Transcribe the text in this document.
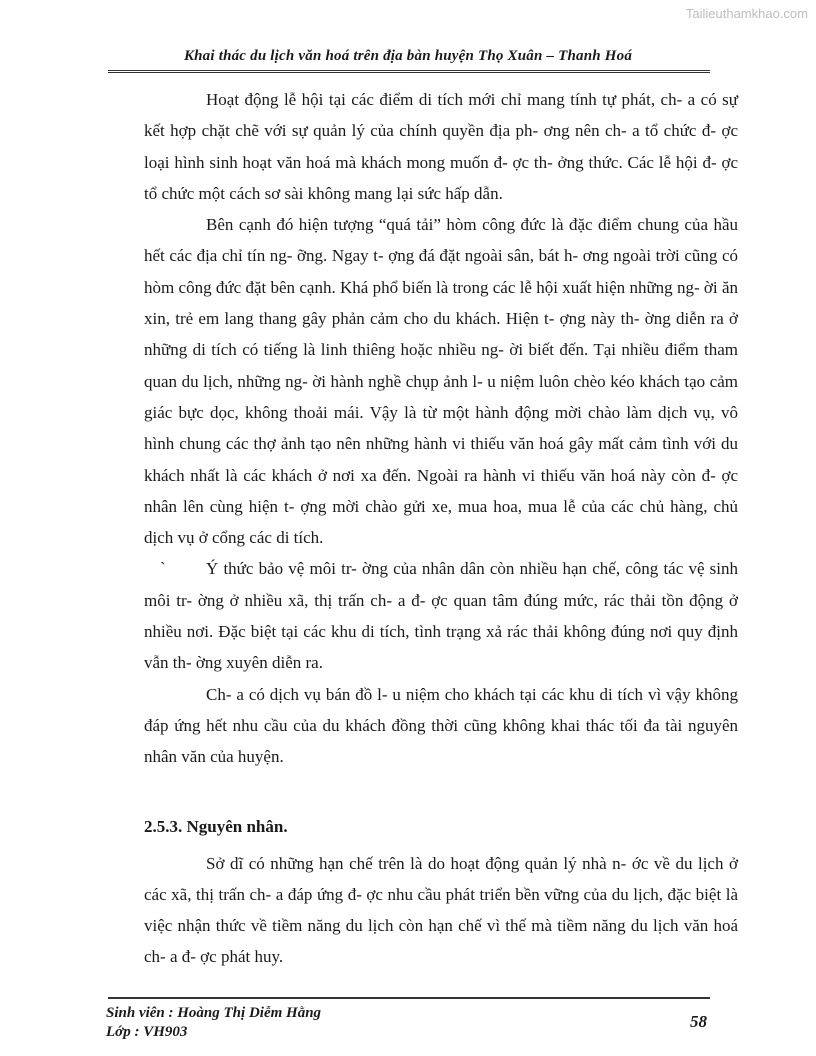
Tailieuthamkhao.com
Khai thác du lịch văn hoá trên địa bàn huyện Thọ Xuân – Thanh Hoá

Hoạt động lễ hội tại các điểm di tích mới chỉ mang tính tự phát, ch- a có sự kết hợp chặt chẽ với sự quản lý của chính quyền địa ph- ơng nên ch- a tổ chức đ- ợc loại hình sinh hoạt văn hoá mà khách mong muốn đ- ợc th- ởng thức. Các lễ hội đ- ợc tổ chức một cách sơ sài không mang lại sức hấp dẫn.

Bên cạnh đó hiện tượng “quá tải” hòm công đức là đặc điểm chung của hầu hết các địa chỉ tín ng- ỡng. Ngay t- ợng đá đặt ngoài sân, bát h- ơng ngoài trời cũng có hòm công đức đặt bên cạnh. Khá phổ biến là trong các lễ hội xuất hiện những ng- ời ăn xin, trẻ em lang thang gây phản cảm cho du khách. Hiện t- ợng này th- ờng diễn ra ở những di tích có tiếng là linh thiêng hoặc nhiều ng- ời biết đến. Tại nhiều điểm tham quan du lịch, những ng- ời hành nghề chụp ảnh l- u niệm luôn chèo kéo khách tạo cảm giác bực dọc, không thoải mái. Vậy là từ một hành động mời chào làm dịch vụ, vô hình chung các thợ ảnh tạo nên những hành vi thiếu văn hoá gây mất cảm tình với du khách nhất là các khách ở nơi xa đến. Ngoài ra hành vi thiếu văn hoá này còn đ- ợc nhân lên cùng hiện t- ợng mời chào gửi xe, mua hoa, mua lễ của các chủ hàng, chủ dịch vụ ở cổng các di tích.

`	Ý thức bảo vệ môi tr- ờng của nhân dân còn nhiều hạn chế, công tác vệ sinh môi tr- ờng ở nhiều xã, thị trấn ch- a đ- ợc quan tâm đúng mức, rác thải tồn động ở nhiều nơi. Đặc biệt tại các khu di tích, tình trạng xả rác thải không đúng nơi quy định vẫn th- ờng xuyên diễn ra.

Ch- a có dịch vụ bán đồ l- u niệm cho khách tại các khu di tích vì vậy không đáp ứng hết nhu cầu của du khách đồng thời cũng không khai thác tối đa tài nguyên nhân văn của huyện.

2.5.3. Nguyên nhân.

Sở dĩ có những hạn chế trên là do hoạt động quản lý nhà n- ớc về du lịch ở các xã, thị trấn ch- a đáp ứng đ- ợc nhu cầu phát triển bền vững của du lịch, đặc biệt là việc nhận thức về tiềm năng du lịch còn hạn chế vì thế mà tiềm năng du lịch văn hoá ch- a đ- ợc phát huy.

Sinh viên : Hoàng Thị Diễm Hằng
Lớp : VH903
58
